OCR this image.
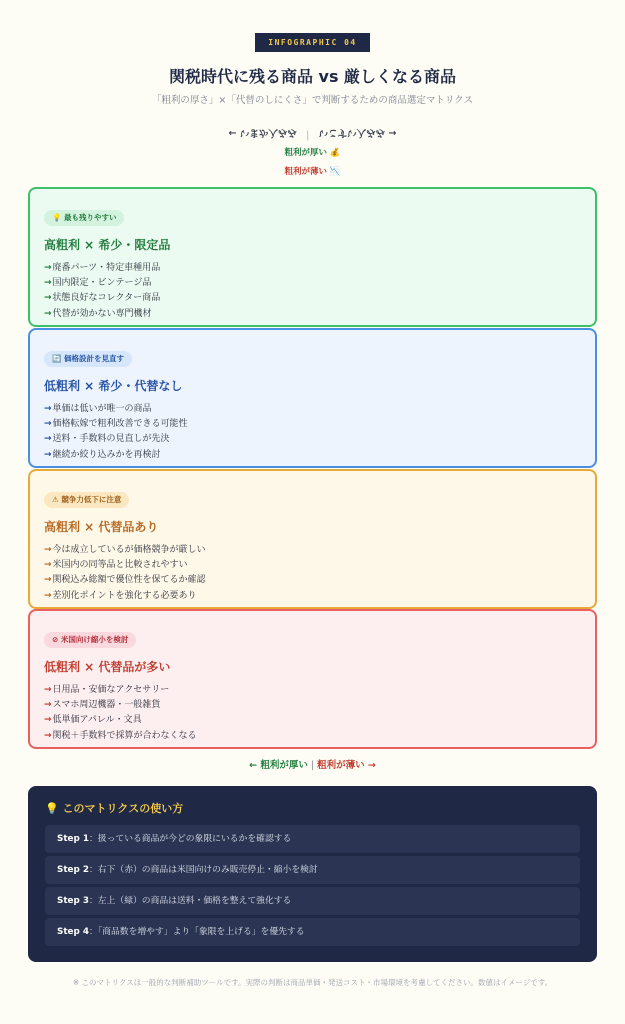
INFOGRAPHIC 04
関税時代に残る商品 vs 厳しくなる商品
「粗利の厚さ」×「代替のしにくさ」で判断するための商品選定マトリクス
← いまか入みみ | いこすい入みみ →
粗利が厚い 💰
粗利が薄い 📉
💡 最も残りやすい
高粗利 × 希少・限定品
→廃番パーツ・特定車種用品
→国内限定・ビンテージ品
→状態良好なコレクター商品
→代替が効かない専門機材
🔄 価格設計を見直す
低粗利 × 希少・代替なし
→単価は低いが唯一の商品
→価格転嫁で粗利改善できる可能性
→送料・手数料の見直しが先決
→継続か絞り込みかを再検討
⚠ 競争力低下に注意
高粗利 × 代替品あり
→今は成立しているが価格競争が厳しい
→米国内の同等品と比較されやすい
→関税込み総額で優位性を保てるか確認
→差別化ポイントを強化する必要あり
⊘ 米国向け縮小を検討
低粗利 × 代替品が多い
→日用品・安価なアクセサリー
→スマホ周辺機器・一般雑貨
→低単価アパレル・文具
→関税＋手数料で採算が合わなくなる
← 粗利が厚い | 粗利が薄い →
💡 このマトリクスの使い方
Step 1：扱っている商品が今どの象限にいるかを確認する
Step 2：右下（赤）の商品は米国向けのみ販売停止・縮小を検討
Step 3：左上（緑）の商品は送料・価格を整えて強化する
Step 4：「商品数を増やす」より「象限を上げる」を優先する
※ このマトリクスは一般的な判断補助ツールです。実際の判断は商品単価・発送コスト・市場環境を考慮してください。数値はイメージです。
